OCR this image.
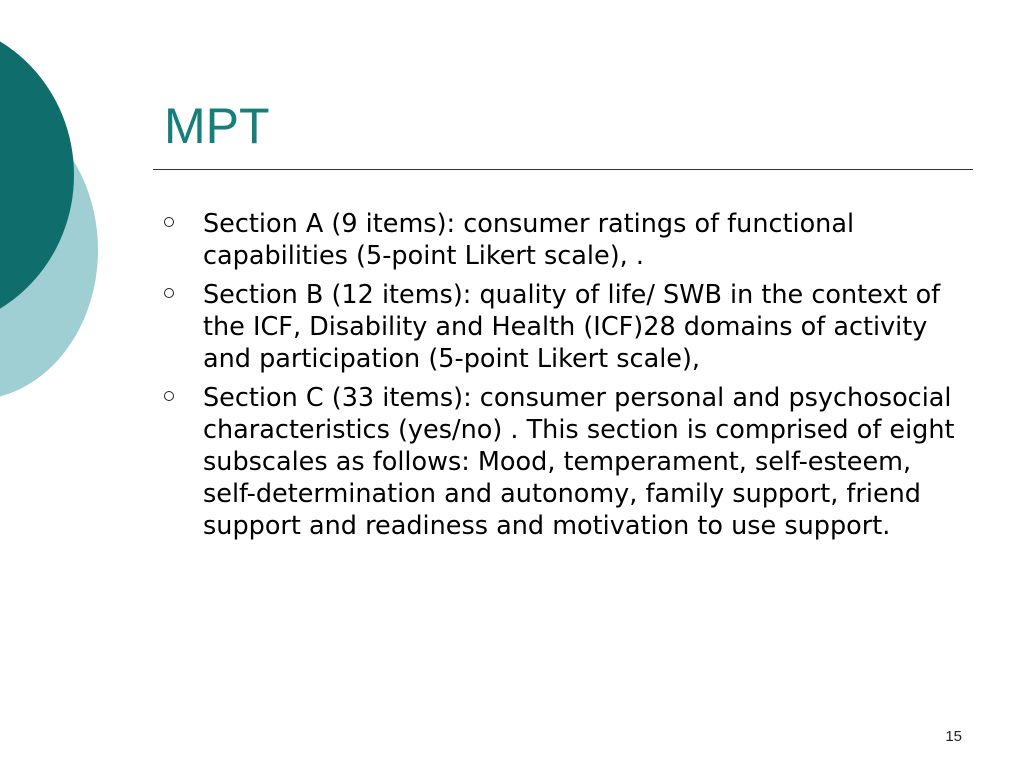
MPT
Section A (9 items): consumer ratings of functional capabilities (5-point Likert scale), .
Section B (12 items): quality of life/ SWB in the context of the ICF, Disability and Health (ICF)28 domains of activity and participation (5-point Likert scale),
Section C (33 items): consumer personal and psychosocial characteristics (yes/no) . This section is comprised of eight subscales as follows: Mood, temperament, self-esteem, self-determination and autonomy, family support, friend support and readiness and motivation to use support.
15
